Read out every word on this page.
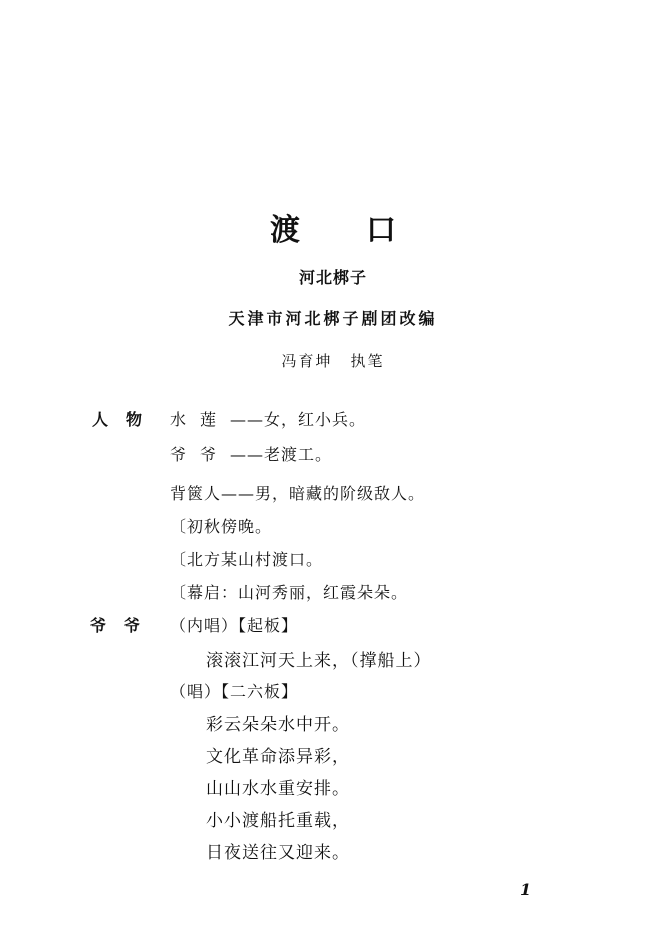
渡口
河北梆子
天津市河北梆子剧团改编
冯育坤 执笔
人物 水莲——女，红小兵。
爷爷——老渡工。
背篋人——男，暗藏的阶级敌人。
〔初秋傍晚。
〔北方某山村渡口。
〔幕启：山河秀丽，红霞朵朵。
爷爷 （内唱）【起板】
滚滚江河天上来，（撑船上）
（唱）【二六板】
彩云朵朵水中开。
文化革命添异彩，
山山水水重安排。
小小渡船托重载，
日夜送往又迎来。
1
